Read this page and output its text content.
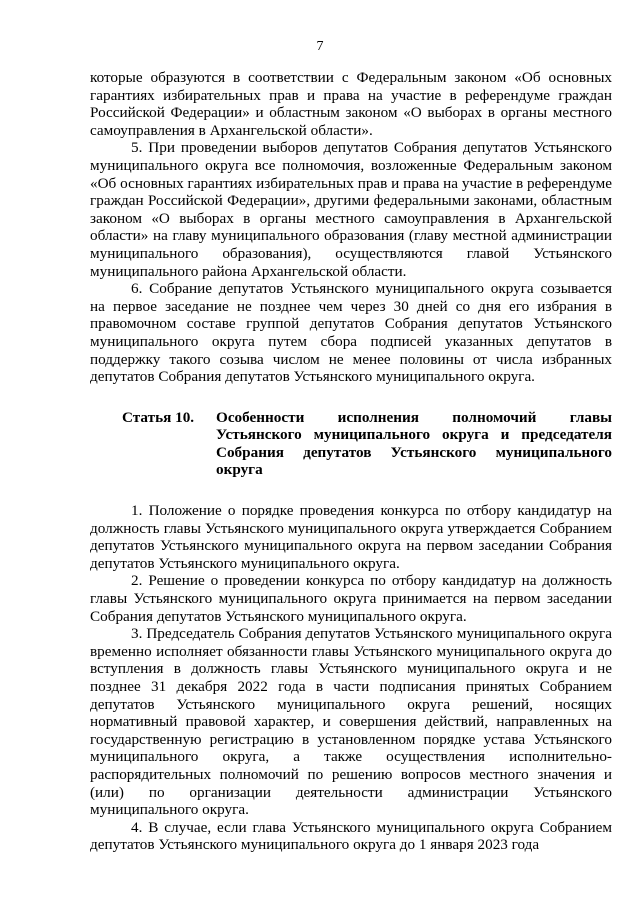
7

которые образуются в соответствии с Федеральным законом «Об основных гарантиях избирательных прав и права на участие в референдуме граждан Российской Федерации» и областным законом «О выборах в органы местного самоуправления в Архангельской области».

5. При проведении выборов депутатов Собрания депутатов Устьянского муниципального округа все полномочия, возложенные Федеральным законом «Об основных гарантиях избирательных прав и права на участие в референдуме граждан Российской Федерации», другими федеральными законами, областным законом «О выборах в органы местного самоуправления в Архангельской области» на главу муниципального образования (главу местной администрации муниципального образования), осуществляются главой Устьянского муниципального района Архангельской области.

6. Собрание депутатов Устьянского муниципального округа созывается на первое заседание не позднее чем через 30 дней со дня его избрания в правомочном составе группой депутатов Собрания депутатов Устьянского муниципального округа путем сбора подписей указанных депутатов в поддержку такого созыва числом не менее половины от числа избранных депутатов Собрания депутатов Устьянского муниципального округа.

Статья 10.	Особенности исполнения полномочий главы Устьянского муниципального округа и председателя Собрания депутатов Устьянского муниципального округа

1. Положение о порядке проведения конкурса по отбору кандидатур на должность главы Устьянского муниципального округа утверждается Собранием депутатов Устьянского муниципального округа на первом заседании Собрания депутатов Устьянского муниципального округа.

2. Решение о проведении конкурса по отбору кандидатур на должность главы Устьянского муниципального округа принимается на первом заседании Собрания депутатов Устьянского муниципального округа.

3. Председатель Собрания депутатов Устьянского муниципального округа временно исполняет обязанности главы Устьянского муниципального округа до вступления в должность главы Устьянского муниципального округа и не позднее 31 декабря 2022 года в части подписания принятых Собранием депутатов Устьянского муниципального округа решений, носящих нормативный правовой характер, и совершения действий, направленных на государственную регистрацию в установленном порядке устава Устьянского муниципального округа, а также осуществления исполнительно-распорядительных полномочий по решению вопросов местного значения и (или) по организации деятельности администрации Устьянского муниципального округа.

4. В случае, если глава Устьянского муниципального округа Собранием депутатов Устьянского муниципального округа до 1 января 2023 года
